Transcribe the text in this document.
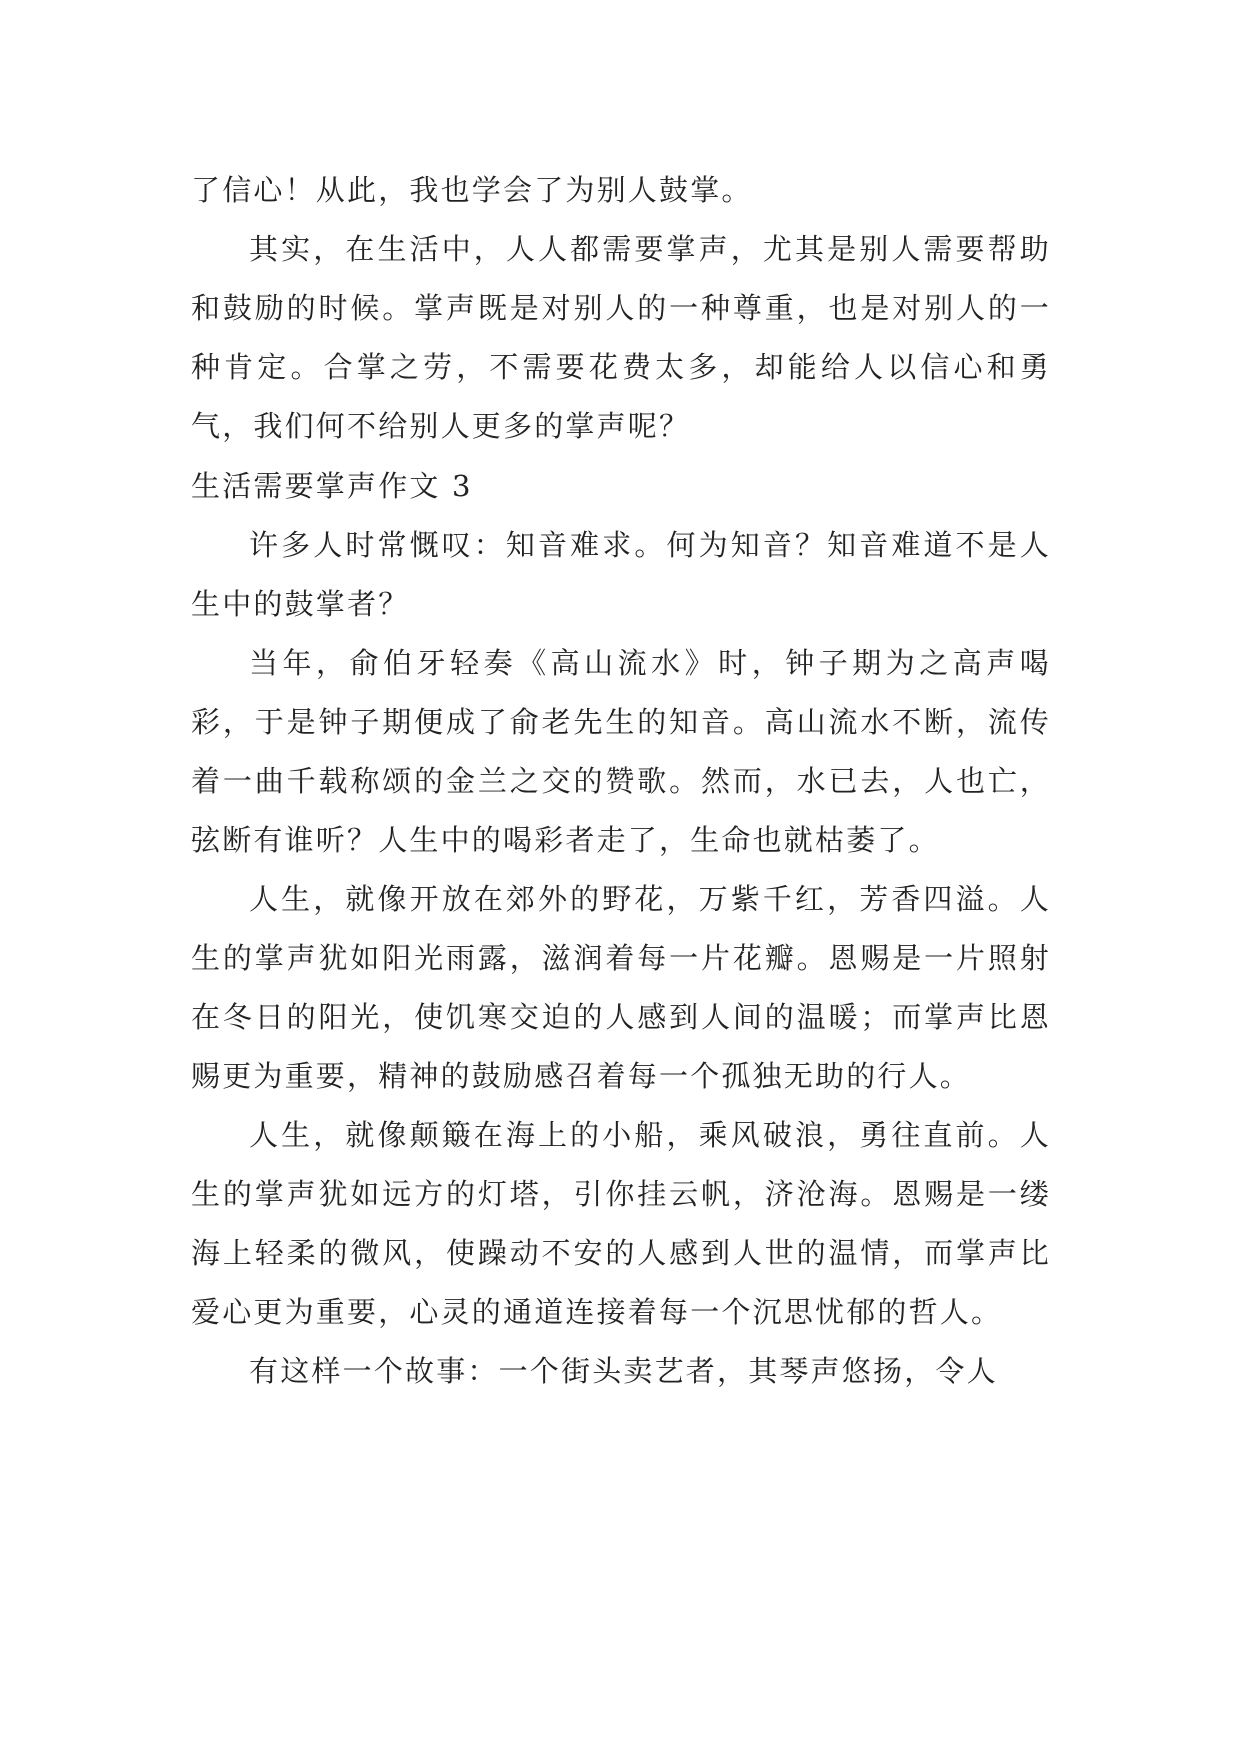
了信心！从此，我也学会了为别人鼓掌。

其实，在生活中，人人都需要掌声，尤其是别人需要帮助和鼓励的时候。掌声既是对别人的一种尊重，也是对别人的一种肯定。合掌之劳，不需要花费太多，却能给人以信心和勇气，我们何不给别人更多的掌声呢？

生活需要掌声作文 3

许多人时常慨叹：知音难求。何为知音？知音难道不是人生中的鼓掌者？

当年，俞伯牙轻奏《高山流水》时，钟子期为之高声喝彩，于是钟子期便成了俞老先生的知音。高山流水不断，流传着一曲千载称颂的金兰之交的赞歌。然而，水已去，人也亡，弦断有谁听？人生中的喝彩者走了，生命也就枯萎了。

人生，就像开放在郊外的野花，万紫千红，芳香四溢。人生的掌声犹如阳光雨露，滋润着每一片花瓣。恩赐是一片照射在冬日的阳光，使饥寒交迫的人感到人间的温暖；而掌声比恩赐更为重要，精神的鼓励感召着每一个孤独无助的行人。

人生，就像颠簸在海上的小船，乘风破浪，勇往直前。人生的掌声犹如远方的灯塔，引你挂云帆，济沧海。恩赐是一缕海上轻柔的微风，使躁动不安的人感到人世的温情，而掌声比爱心更为重要，心灵的通道连接着每一个沉思忧郁的哲人。

有这样一个故事：一个街头卖艺者，其琴声悠扬，令人
